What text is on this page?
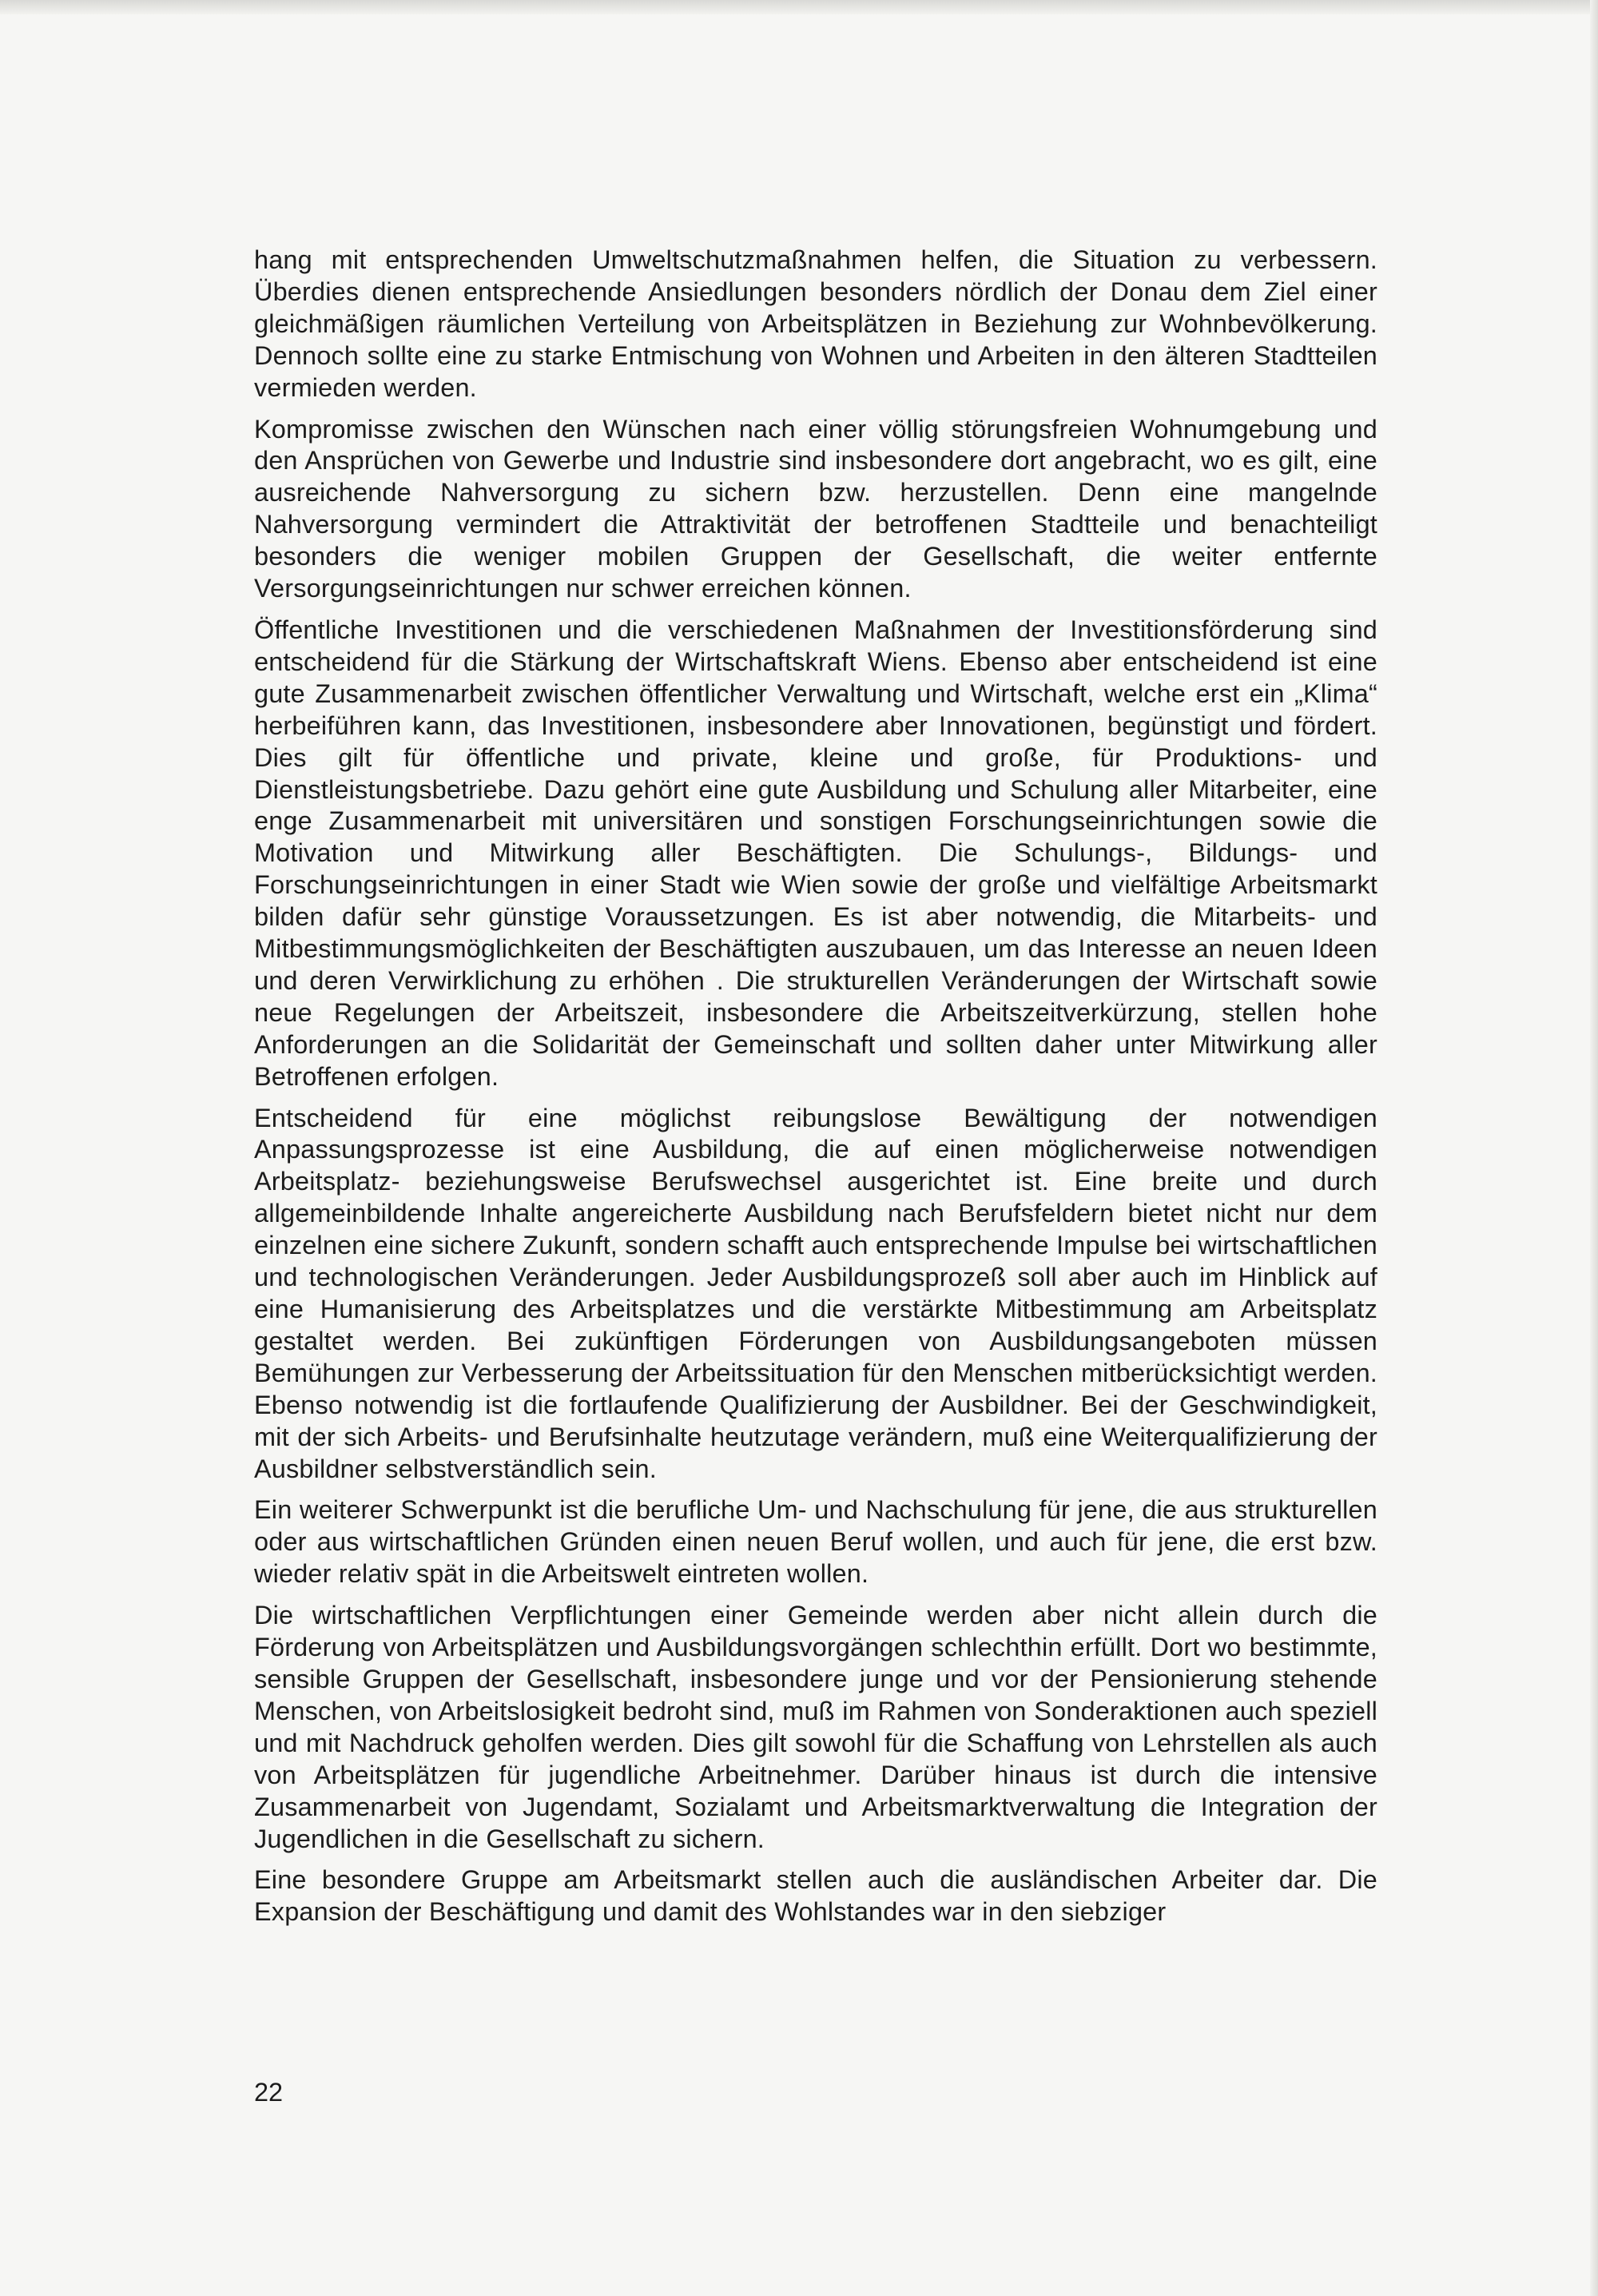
hang mit entsprechenden Umweltschutzmaßnahmen helfen, die Situation zu verbessern. Überdies dienen entsprechende Ansiedlungen besonders nördlich der Donau dem Ziel einer gleichmäßigen räumlichen Verteilung von Arbeitsplätzen in Beziehung zur Wohnbevölkerung. Dennoch sollte eine zu starke Entmischung von Wohnen und Arbeiten in den älteren Stadtteilen vermieden werden.

Kompromisse zwischen den Wünschen nach einer völlig störungsfreien Wohnumgebung und den Ansprüchen von Gewerbe und Industrie sind insbesondere dort angebracht, wo es gilt, eine ausreichende Nahversorgung zu sichern bzw. herzustellen. Denn eine mangelnde Nahversorgung vermindert die Attraktivität der betroffenen Stadtteile und benachteiligt besonders die weniger mobilen Gruppen der Gesellschaft, die weiter entfernte Versorgungseinrichtungen nur schwer erreichen können.

Öffentliche Investitionen und die verschiedenen Maßnahmen der Investitionsförderung sind entscheidend für die Stärkung der Wirtschaftskraft Wiens. Ebenso aber entscheidend ist eine gute Zusammenarbeit zwischen öffentlicher Verwaltung und Wirtschaft, welche erst ein „Klima“ herbeiführen kann, das Investitionen, insbesondere aber Innovationen, begünstigt und fördert. Dies gilt für öffentliche und private, kleine und große, für Produktions- und Dienstleistungsbetriebe. Dazu gehört eine gute Ausbildung und Schulung aller Mitarbeiter, eine enge Zusammenarbeit mit universitären und sonstigen Forschungseinrichtungen sowie die Motivation und Mitwirkung aller Beschäftigten. Die Schulungs-, Bildungs- und Forschungseinrichtungen in einer Stadt wie Wien sowie der große und vielfältige Arbeitsmarkt bilden dafür sehr günstige Voraussetzungen. Es ist aber notwendig, die Mitarbeits- und Mitbestimmungsmöglichkeiten der Beschäftigten auszubauen, um das Interesse an neuen Ideen und deren Verwirklichung zu erhöhen . Die strukturellen Veränderungen der Wirtschaft sowie neue Regelungen der Arbeitszeit, insbesondere die Arbeitszeitverkürzung, stellen hohe Anforderungen an die Solidarität der Gemeinschaft und sollten daher unter Mitwirkung aller Betroffenen erfolgen.

Entscheidend für eine möglichst reibungslose Bewältigung der notwendigen Anpassungsprozesse ist eine Ausbildung, die auf einen möglicherweise notwendigen Arbeitsplatz- beziehungsweise Berufswechsel ausgerichtet ist. Eine breite und durch allgemeinbildende Inhalte angereicherte Ausbildung nach Berufsfeldern bietet nicht nur dem einzelnen eine sichere Zukunft, sondern schafft auch entsprechende Impulse bei wirtschaftlichen und technologischen Veränderungen. Jeder Ausbildungsprozeß soll aber auch im Hinblick auf eine Humanisierung des Arbeitsplatzes und die verstärkte Mitbestimmung am Arbeitsplatz gestaltet werden. Bei zukünftigen Förderungen von Ausbildungsangeboten müssen Bemühungen zur Verbesserung der Arbeitssituation für den Menschen mitberücksichtigt werden. Ebenso notwendig ist die fortlaufende Qualifizierung der Ausbildner. Bei der Geschwindigkeit, mit der sich Arbeits- und Berufsinhalte heutzutage verändern, muß eine Weiterqualifizierung der Ausbildner selbstverständlich sein.

Ein weiterer Schwerpunkt ist die berufliche Um- und Nachschulung für jene, die aus strukturellen oder aus wirtschaftlichen Gründen einen neuen Beruf wollen, und auch für jene, die erst bzw. wieder relativ spät in die Arbeitswelt eintreten wollen.

Die wirtschaftlichen Verpflichtungen einer Gemeinde werden aber nicht allein durch die Förderung von Arbeitsplätzen und Ausbildungsvorgängen schlechthin erfüllt. Dort wo bestimmte, sensible Gruppen der Gesellschaft, insbesondere junge und vor der Pensionierung stehende Menschen, von Arbeitslosigkeit bedroht sind, muß im Rahmen von Sonderaktionen auch speziell und mit Nachdruck geholfen werden. Dies gilt sowohl für die Schaffung von Lehrstellen als auch von Arbeitsplätzen für jugendliche Arbeitnehmer. Darüber hinaus ist durch die intensive Zusammenarbeit von Jugendamt, Sozialamt und Arbeitsmarktverwaltung die Integration der Jugendlichen in die Gesellschaft zu sichern.

Eine besondere Gruppe am Arbeitsmarkt stellen auch die ausländischen Arbeiter dar. Die Expansion der Beschäftigung und damit des Wohlstandes war in den siebziger

22
